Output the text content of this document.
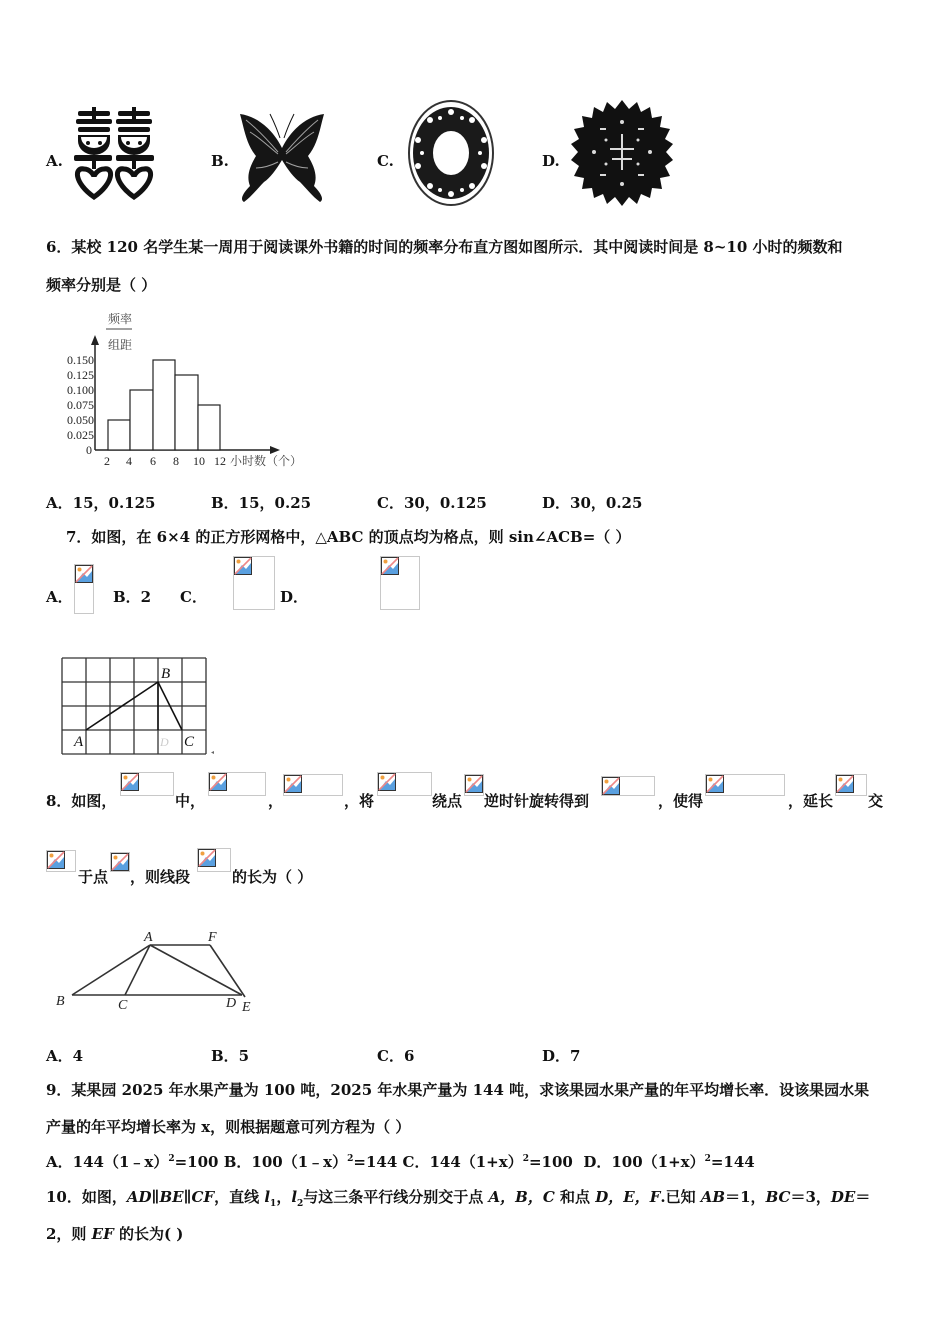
A.	B.	C.	D.
6．某校 120 名学生某一周用于阅读课外书籍的时间的频率分布直方图如图所示．其中阅读时间是 8~10 小时的频数和
频率分别是（ ）
频率
组距
0.150
0.125
0.100
0.075
0.050
0.025
0
2 4 6 8 10 12 小时数（个）
A．15，0.125	B．15，0.25	C．30，0.125	D．30，0.25
7．如图，在 6×4 的正方形网格中，△ABC 的顶点均为格点，则 sin∠ACB=（ ）
A．
	B．2 C．
	D．
A
B
C
D
◂
8．如图，	中，	，	，将	绕点 逆时针旋转得到	，使得	，延长 交
于点 ，则线段	的长为（ ）
A	F
B	C	D E
A．4	B．5	C．6	D．7
9．某果园 2025 年水果产量为 100 吨，2025 年水果产量为 144 吨，求该果园水果产量的年平均增长率．设该果园水果
产量的年平均增长率为 x，则根据题意可列方程为（ ）
A．144（1﹣x）$^2$=100 B．100（1﹣x）$^2$=144 C．$144(1+x)^2=100$ D．$100(1+x)^2=144$
10．如图，AD∥BE∥CF，直线 $l_1$，$l_2$与这三条平行线分别交于点 A，B，C 和点 D，E，F.已知 AB＝1，BC＝3，DE＝
2，则 EF 的长为( )
